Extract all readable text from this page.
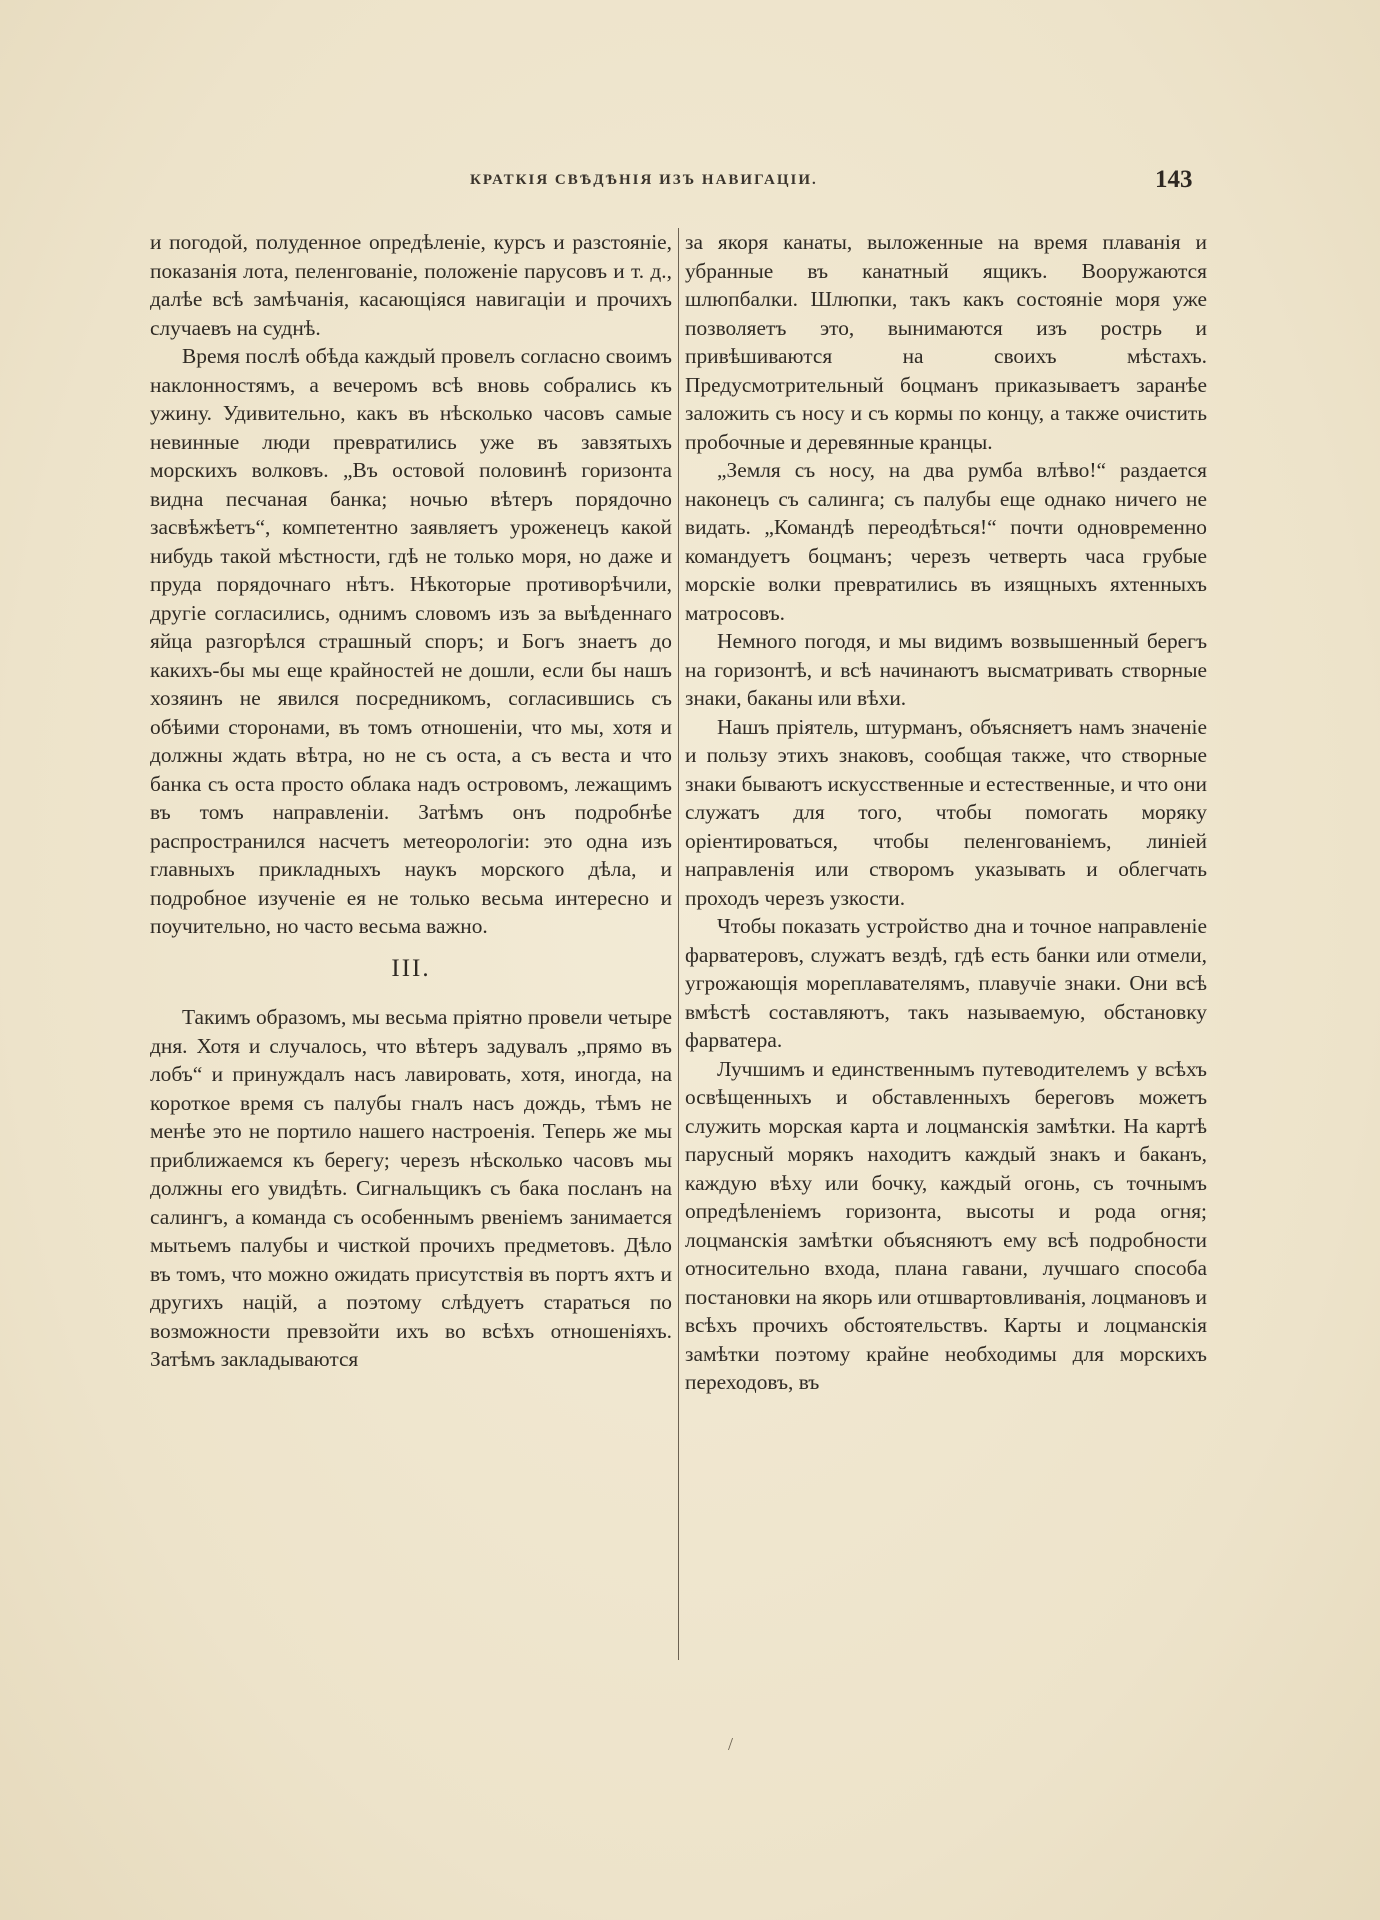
КРАТКІЯ СВѢДѢНІЯ ИЗЪ НАВИГАЦІИ.	143

и погодой, полуденное опредѣленіе, курсъ и разстояніе, показанія лота, пеленгованіе, положеніе парусовъ и т. д., далѣе всѣ замѣчанія, касающіяся навигаціи и прочихъ случаевъ на суднѣ.

Время послѣ обѣда каждый провелъ согласно своимъ наклонностямъ, а вечеромъ всѣ вновь собрались къ ужину. Удивительно, какъ въ нѣсколько часовъ самые невинные люди превратились уже въ завзятыхъ морскихъ волковъ. „Въ остовой половинѣ горизонта видна песчаная банка; ночью вѣтеръ порядочно засвѣжѣетъ“, компетентно заявляетъ уроженецъ какой нибудь такой мѣстности, гдѣ не только моря, но даже и пруда порядочнаго нѣтъ. Нѣкоторые противорѣчили, другіе согласились, однимъ словомъ изъ за выѣденнаго яйца разгорѣлся страшный споръ; и Богъ знаетъ до какихъ-бы мы еще крайностей не дошли, если бы нашъ хозяинъ не явился посредникомъ, согласившись съ обѣими сторонами, въ томъ отношеніи, что мы, хотя и должны ждать вѣтра, но не съ оста, а съ веста и что банка съ оста просто облака надъ островомъ, лежащимъ въ томъ направленіи. Затѣмъ онъ подробнѣе распространился насчетъ метеорологіи: это одна изъ главныхъ прикладныхъ наукъ морского дѣла, и подробное изученіе ея не только весьма интересно и поучительно, но часто весьма важно.

III.

Такимъ образомъ, мы весьма пріятно провели четыре дня. Хотя и случалось, что вѣтеръ задувалъ „прямо въ лобъ“ и принуждалъ насъ лавировать, хотя, иногда, на короткое время съ палубы гналъ насъ дождь, тѣмъ не менѣе это не портило нашего настроенія. Теперь же мы приближаемся къ берегу; черезъ нѣсколько часовъ мы должны его увидѣть. Сигнальщикъ съ бака посланъ на салингъ, а команда съ особеннымъ рвеніемъ занимается мытьемъ палубы и чисткой прочихъ предметовъ. Дѣло въ томъ, что можно ожидать присутствія въ портъ яхтъ и другихъ націй, а поэтому слѣдуетъ стараться по возможности превзойти ихъ во всѣхъ отношеніяхъ. Затѣмъ закладываются

за якоря канаты, выложенные на время плаванія и убранные въ канатный ящикъ. Вооружаются шлюпбалки. Шлюпки, такъ какъ состояніе моря уже позволяетъ это, вынимаются изъ рострь и привѣшиваются на своихъ мѣстахъ. Предусмотрительный боцманъ приказываетъ заранѣе заложить съ носу и съ кормы по концу, а также очистить пробочные и деревянные кранцы.

„Земля съ носу, на два румба влѣво!“ раздается наконецъ съ салинга; съ палубы еще однако ничего не видать. „Командѣ переодѣться!“ почти одновременно командуетъ боцманъ; черезъ четверть часа грубые морскіе волки превратились въ изящныхъ яхтенныхъ матросовъ.

Немного погодя, и мы видимъ возвышенный берегъ на горизонтѣ, и всѣ начинаютъ высматривать створные знаки, баканы или вѣхи.

Нашъ пріятель, штурманъ, объясняетъ намъ значеніе и пользу этихъ знаковъ, сообщая также, что створные знаки бываютъ искусственные и естественные, и что они служатъ для того, чтобы помогать моряку оріентироваться, чтобы пеленгованіемъ, линіей направленія или створомъ указывать и облегчать проходъ черезъ узкости.

Чтобы показать устройство дна и точное направленіе фарватеровъ, служатъ вездѣ, гдѣ есть банки или отмели, угрожающія мореплавателямъ, плавучіе знаки. Они всѣ вмѣстѣ составляютъ, такъ называемую, обстановку фарватера.

Лучшимъ и единственнымъ путеводителемъ у всѣхъ освѣщенныхъ и обставленныхъ береговъ можетъ служить морская карта и лоцманскія замѣтки. На картѣ парусный морякъ находитъ каждый знакъ и баканъ, каждую вѣху или бочку, каждый огонь, съ точнымъ опредѣленіемъ горизонта, высоты и рода огня; лоцманскія замѣтки объясняютъ ему всѣ подробности относительно входа, плана гавани, лучшаго способа постановки на якорь или отшвартовливанія, лоцмановъ и всѣхъ прочихъ обстоятельствъ. Карты и лоцманскія замѣтки поэтому крайне необходимы для морскихъ переходовъ, въ

/
